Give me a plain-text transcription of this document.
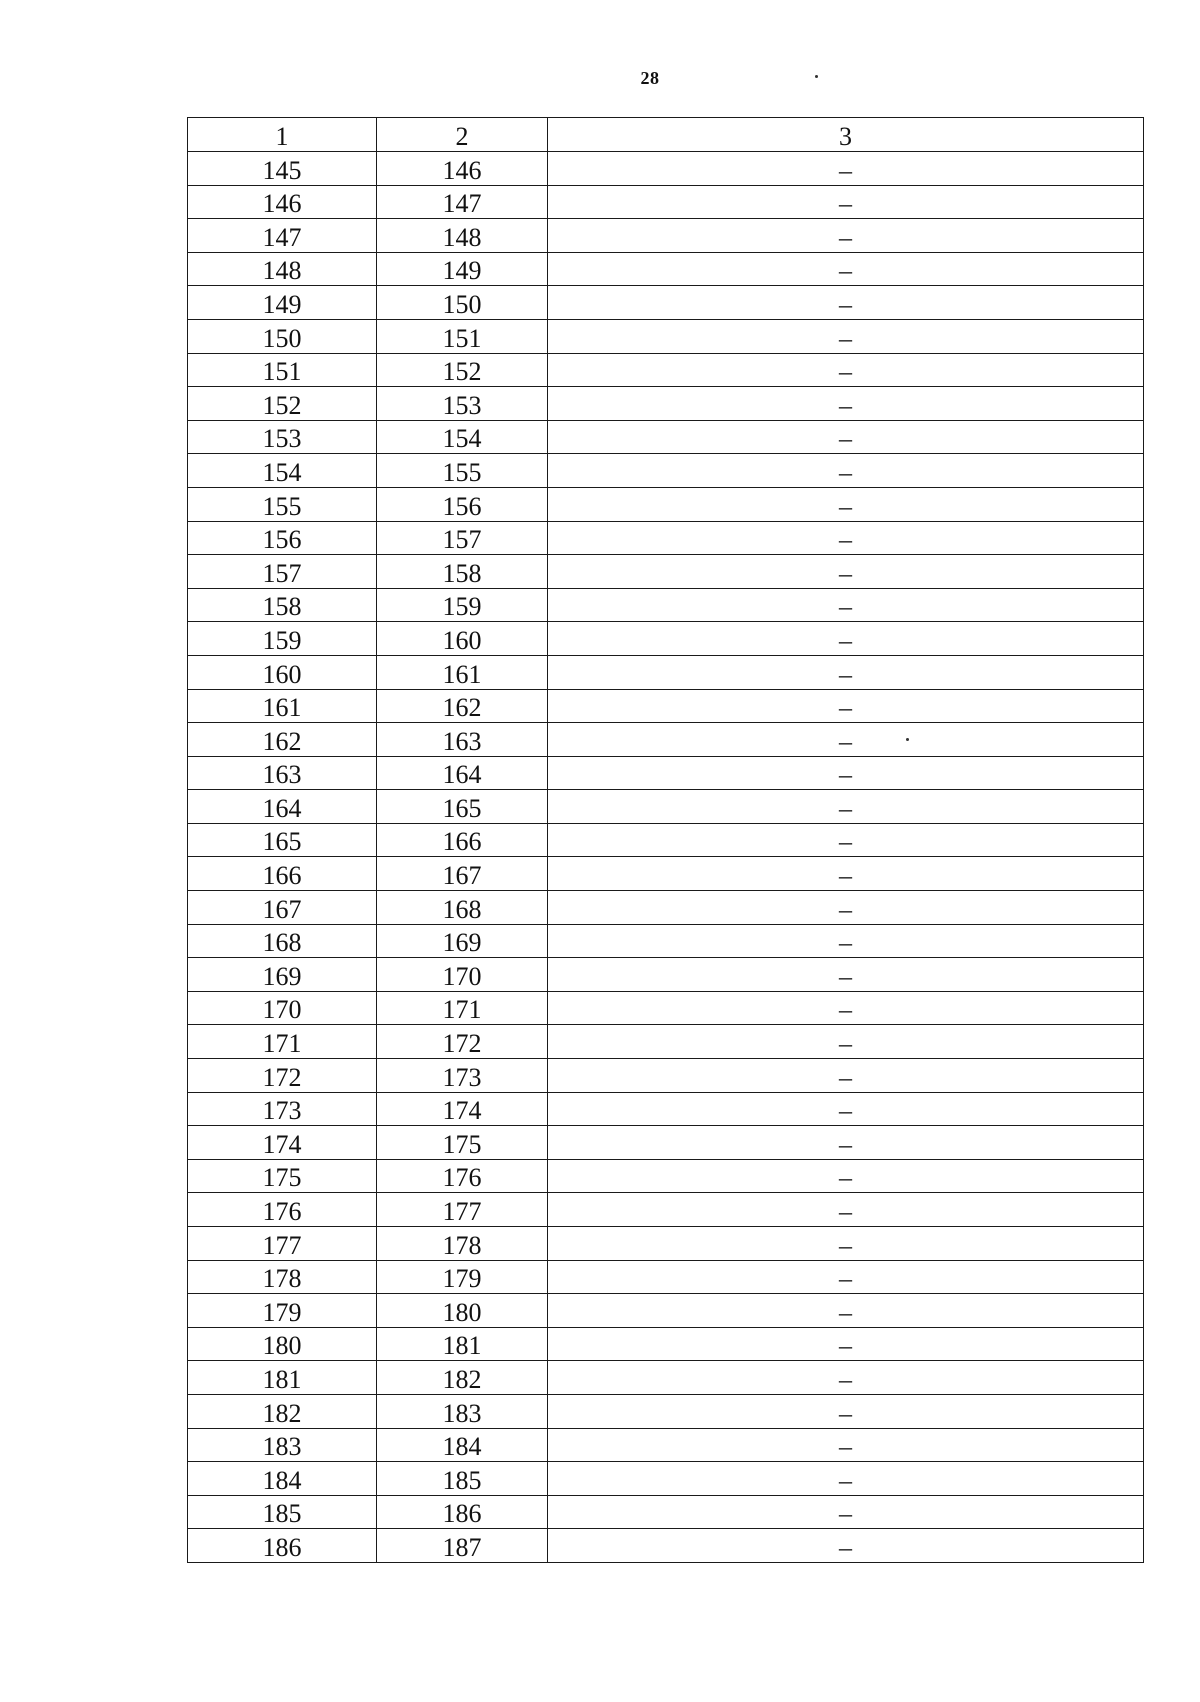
28
1	2	3
145	146	–
146	147	–
147	148	–
148	149	–
149	150	–
150	151	–
151	152	–
152	153	–
153	154	–
154	155	–
155	156	–
156	157	–
157	158	–
158	159	–
159	160	–
160	161	–
161	162	–
162	163	–
163	164	–
164	165	–
165	166	–
166	167	–
167	168	–
168	169	–
169	170	–
170	171	–
171	172	–
172	173	–
173	174	–
174	175	–
175	176	–
176	177	–
177	178	–
178	179	–
179	180	–
180	181	–
181	182	–
182	183	–
183	184	–
184	185	–
185	186	–
186	187	–
